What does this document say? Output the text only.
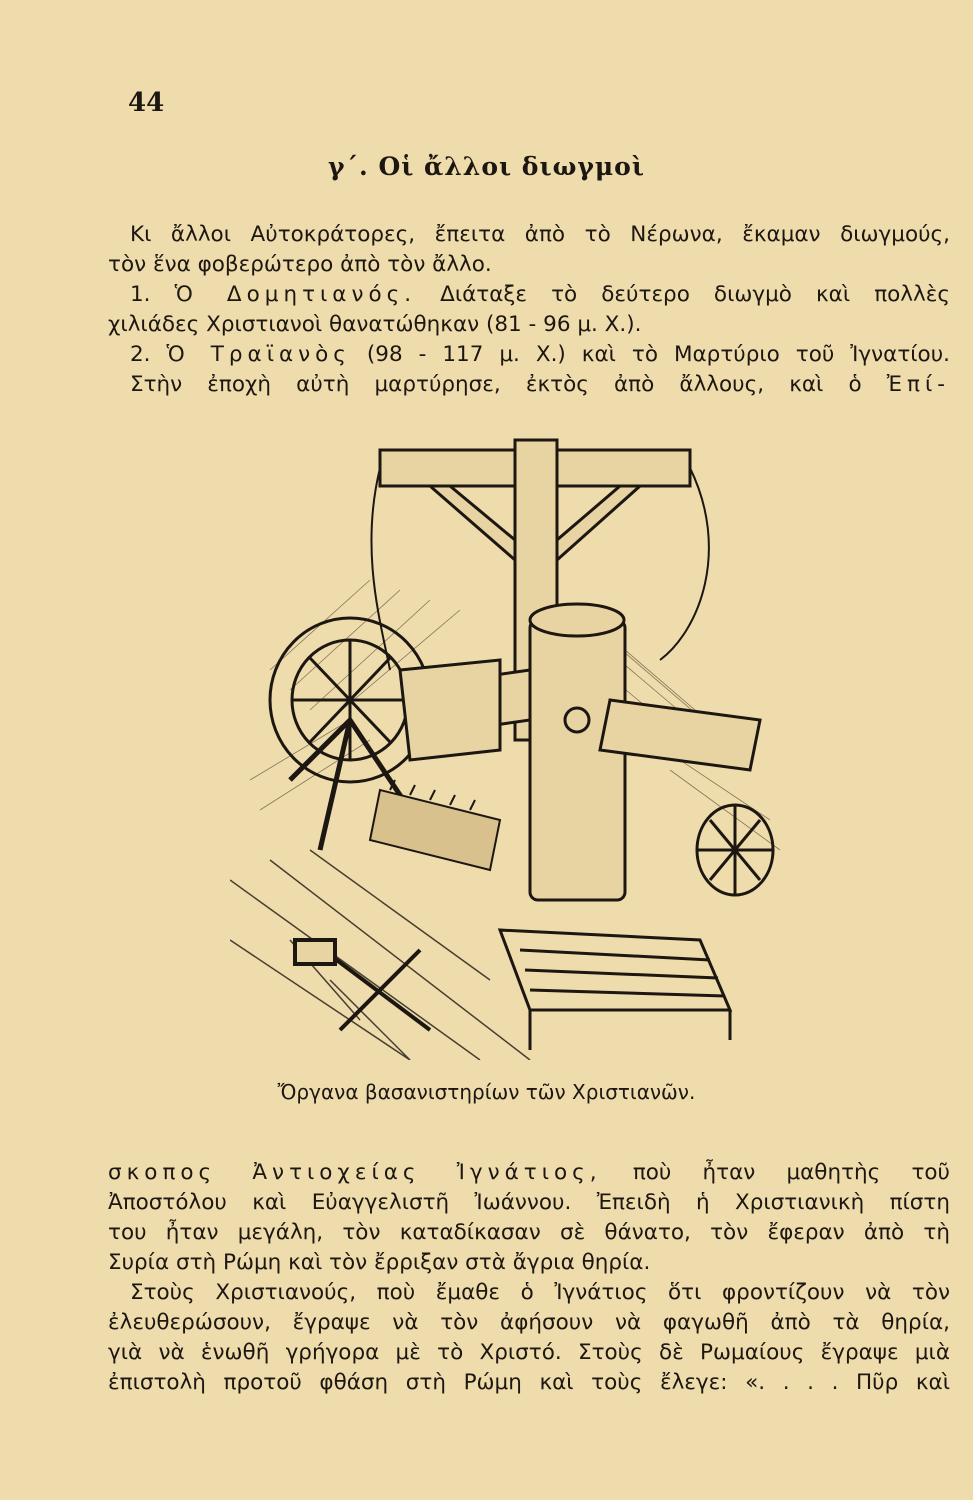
44
γ΄. Οἱ ἄλλοι διωγμοὶ
Κι ἄλλοι Αὐτοκράτορες, ἔπειτα ἀπὸ τὸ Νέρωνα, ἔκαμαν διωγμούς,
τὸν ἕνα φοβερώτερο ἀπὸ τὸν ἄλλο.
1. Ὁ Δομητιανός. Διάταξε τὸ δεύτερο διωγμὸ καὶ πολλὲς
χιλιάδες Χριστιανοὶ θανατώθηκαν (81 - 96 μ. Χ.).
2. Ὁ Τραϊανὸς (98 - 117 μ. Χ.) καὶ τὸ Μαρτύριο τοῦ Ἰγνατίου.
Στὴν ἐποχὴ αὐτὴ μαρτύρησε, ἐκτὸς ἀπὸ ἄλλους, καὶ ὁ Ἐπί-
Ὄργανα βασανιστηρίων τῶν Χριστιανῶν.
σκοπος Ἀντιοχείας Ἰγνάτιος, ποὺ ἦταν μαθητὴς τοῦ
Ἀποστόλου καὶ Εὐαγγελιστῆ Ἰωάννου. Ἐπειδὴ ἡ Χριστιανικὴ πίστη
του ἦταν μεγάλη, τὸν καταδίκασαν σὲ θάνατο, τὸν ἔφεραν ἀπὸ τὴ
Συρία στὴ Ρώμη καὶ τὸν ἔρριξαν στὰ ἄγρια θηρία.
Στοὺς Χριστιανούς, ποὺ ἔμαθε ὁ Ἰγνάτιος ὅτι φροντίζουν νὰ τὸν
ἐλευθερώσουν, ἔγραψε νὰ τὸν ἀφήσουν νὰ φαγωθῆ ἀπὸ τὰ θηρία,
γιὰ νὰ ἑνωθῆ γρήγορα μὲ τὸ Χριστό. Στοὺς δὲ Ρωμαίους ἔγραψε μιὰ
ἐπιστολὴ προτοῦ φθάση στὴ Ρώμη καὶ τοὺς ἔλεγε: «. . . . Πῦρ καὶ
